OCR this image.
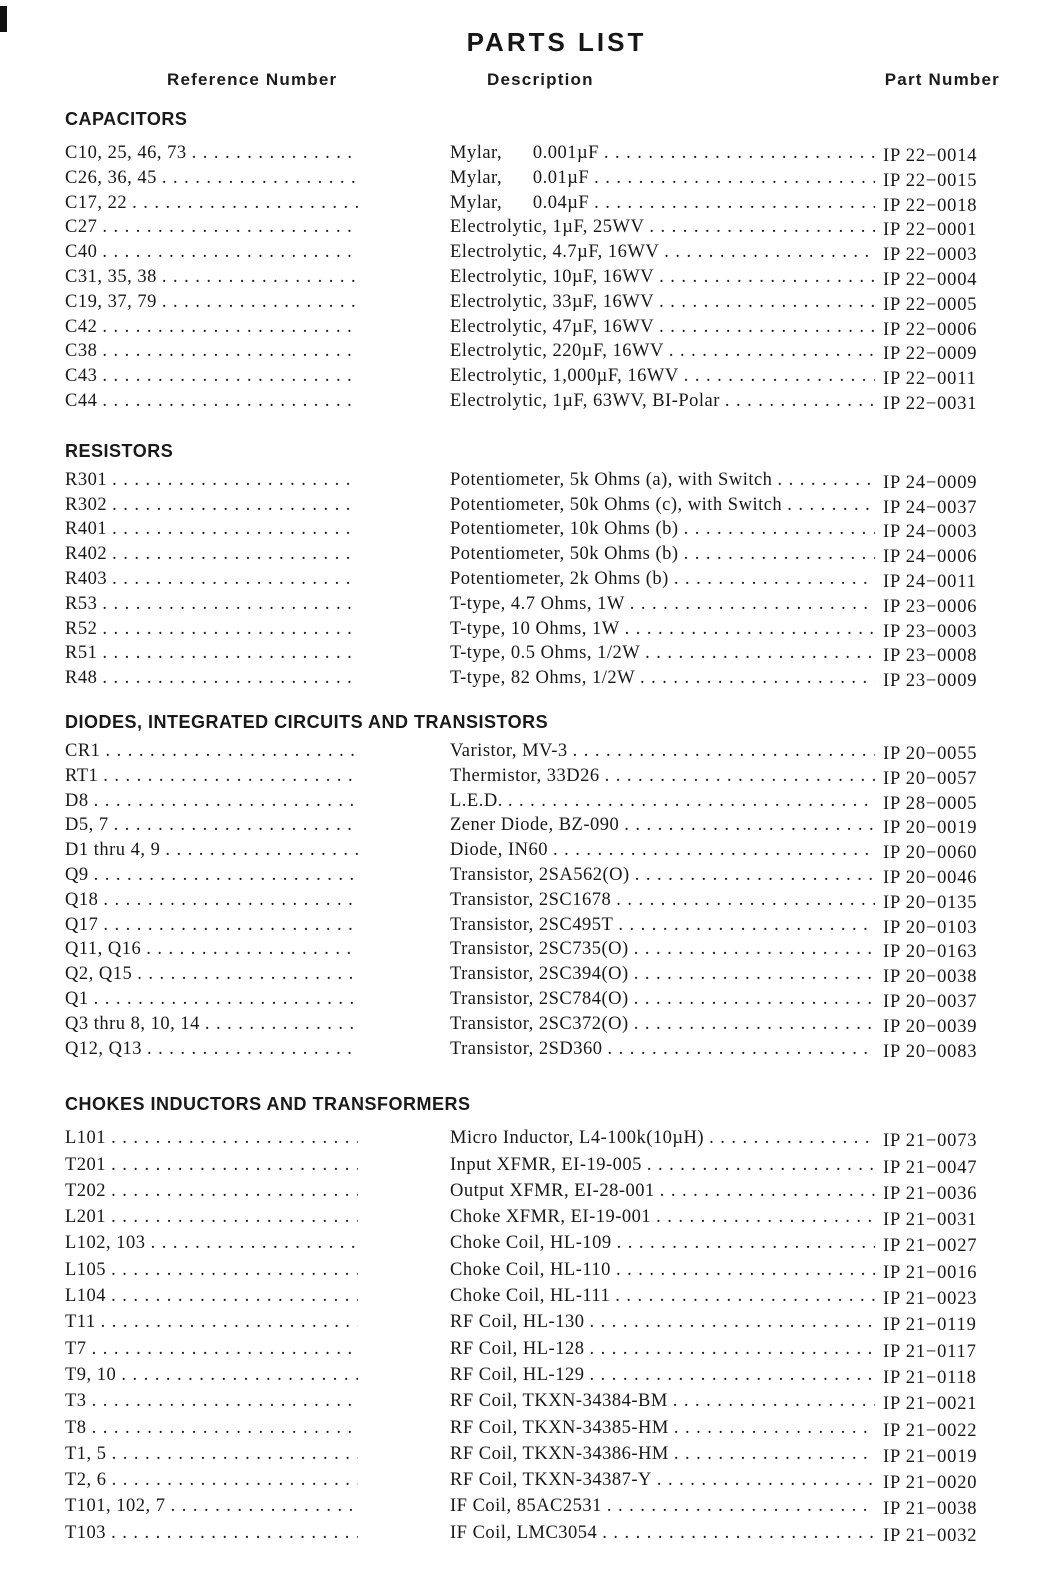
PARTS LIST
Reference Number	Description	Part Number
CAPACITORS
C10, 25, 46, 73 .....	Mylar,      0.001µF .....	IP 22−0014
C26, 36, 45 .....	Mylar,      0.01µF .....	IP 22−0015
C17, 22 .....	Mylar,      0.04µF .....	IP 22−0018
C27 .....	Electrolytic, 1µF, 25WV .....	IP 22−0001
C40 .....	Electrolytic, 4.7µF, 16WV .....	IP 22−0003
C31, 35, 38 .....	Electrolytic, 10µF, 16WV .....	IP 22−0004
C19, 37, 79 .....	Electrolytic, 33µF, 16WV .....	IP 22−0005
C42 .....	Electrolytic, 47µF, 16WV .....	IP 22−0006
C38 .....	Electrolytic, 220µF, 16WV .....	IP 22−0009
C43 .....	Electrolytic, 1,000µF, 16WV .....	IP 22−0011
C44 .....	Electrolytic, 1µF, 63WV, BI-Polar .....	IP 22−0031
RESISTORS
R301 .....	Potentiometer, 5k Ohms (a), with Switch .....	IP 24−0009
R302 .....	Potentiometer, 50k Ohms (c), with Switch .....	IP 24−0037
R401 .....	Potentiometer, 10k Ohms (b) .....	IP 24−0003
R402 .....	Potentiometer, 50k Ohms (b) .....	IP 24−0006
R403 .....	Potentiometer, 2k Ohms (b) .....	IP 24−0011
R53 .....	T-type, 4.7 Ohms, 1W .....	IP 23−0006
R52 .....	T-type, 10 Ohms, 1W .....	IP 23−0003
R51 .....	T-type, 0.5 Ohms, 1/2W .....	IP 23−0008
R48 .....	T-type, 82 Ohms, 1/2W .....	IP 23−0009
DIODES, INTEGRATED CIRCUITS AND TRANSISTORS
CR1 .....	Varistor, MV-3 .....	IP 20−0055
RT1 .....	Thermistor, 33D26 .....	IP 20−0057
D8 .....	L.E.D. .....	IP 28−0005
D5, 7 .....	Zener Diode, BZ-090 .....	IP 20−0019
D1 thru 4, 9 .....	Diode, IN60 .....	IP 20−0060
Q9 .....	Transistor, 2SA562(O) .....	IP 20−0046
Q18 .....	Transistor, 2SC1678 .....	IP 20−0135
Q17 .....	Transistor, 2SC495T .....	IP 20−0103
Q11, Q16 .....	Transistor, 2SC735(O) .....	IP 20−0163
Q2, Q15 .....	Transistor, 2SC394(O) .....	IP 20−0038
Q1 .....	Transistor, 2SC784(O) .....	IP 20−0037
Q3 thru 8, 10, 14 .....	Transistor, 2SC372(O) .....	IP 20−0039
Q12, Q13 .....	Transistor, 2SD360 .....	IP 20−0083
CHOKES INDUCTORS AND TRANSFORMERS
L101 .....	Micro Inductor, L4-100k(10µH) .....	IP 21−0073
T201 .....	Input XFMR, EI-19-005 .....	IP 21−0047
T202 .....	Output XFMR, EI-28-001 .....	IP 21−0036
L201 .....	Choke XFMR, EI-19-001 .....	IP 21−0031
L102, 103 .....	Choke Coil, HL-109 .....	IP 21−0027
L105 .....	Choke Coil, HL-110 .....	IP 21−0016
L104 .....	Choke Coil, HL-111 .....	IP 21−0023
T11 .....	RF Coil, HL-130 .....	IP 21−0119
T7 .....	RF Coil, HL-128 .....	IP 21−0117
T9, 10 .....	RF Coil, HL-129 .....	IP 21−0118
T3 .....	RF Coil, TKXN-34384-BM .....	IP 21−0021
T8 .....	RF Coil, TKXN-34385-HM .....	IP 21−0022
T1, 5 .....	RF Coil, TKXN-34386-HM .....	IP 21−0019
T2, 6 .....	RF Coil, TKXN-34387-Y .....	IP 21−0020
T101, 102, 7 .....	IF Coil, 85AC2531 .....	IP 21−0038
T103 .....	IF Coil, LMC3054 .....	IP 21−0032
